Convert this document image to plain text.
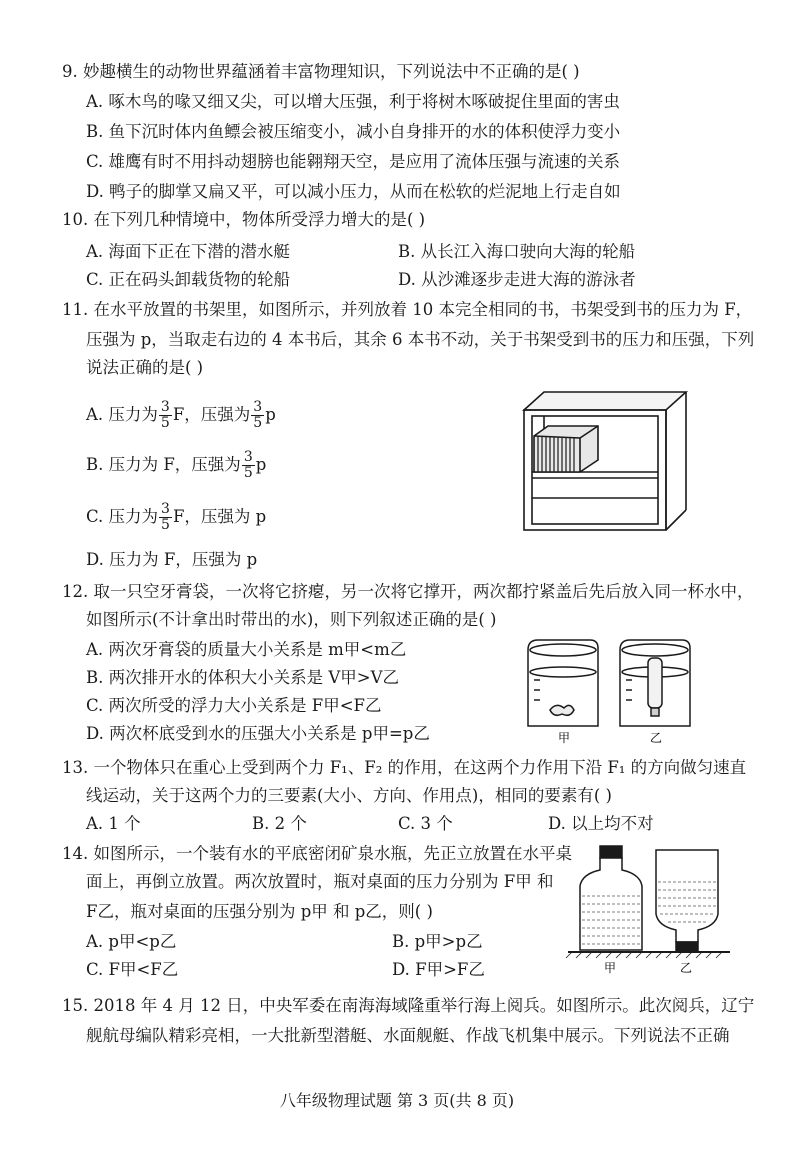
9. 妙趣横生的动物世界蕴涵着丰富物理知识，下列说法中不正确的是( )
A. 啄木鸟的喙又细又尖，可以增大压强，利于将树木啄破捉住里面的害虫
B. 鱼下沉时体内鱼鳔会被压缩变小，减小自身排开的水的体积使浮力变小
C. 雄鹰有时不用抖动翅膀也能翱翔天空，是应用了流体压强与流速的关系
D. 鸭子的脚掌又扁又平，可以减小压力，从而在松软的烂泥地上行走自如
10. 在下列几种情境中，物体所受浮力增大的是( )
A. 海面下正在下潜的潜水艇	B. 从长江入海口驶向大海的轮船
C. 正在码头卸载货物的轮船	D. 从沙滩逐步走进大海的游泳者
11. 在水平放置的书架里，如图所示，并列放着 10 本完全相同的书，书架受到书的压力为 F，
压强为 p，当取走右边的 4 本书后，其余 6 本书不动，关于书架受到书的压力和压强，下列
说法正确的是( )
A. 压力为 $\frac{3}{5}$ F，压强为 $\frac{3}{5}$ p
B. 压力为 F，压强为 $\frac{3}{5}$ p
C. 压力为 $\frac{3}{5}$ F，压强为 p
D. 压力为 F，压强为 p
12. 取一只空牙膏袋，一次将它挤瘪，另一次将它撑开，两次都拧紧盖后先后放入同一杯水中，
如图所示(不计拿出时带出的水)，则下列叙述正确的是( )
A. 两次牙膏袋的质量大小关系是 m甲<m乙
B. 两次排开水的体积大小关系是 V甲>V乙
C. 两次所受的浮力大小关系是 F甲<F乙
D. 两次杯底受到水的压强大小关系是 p甲=p乙	甲	乙
13. 一个物体只在重心上受到两个力 F₁、F₂ 的作用，在这两个力作用下沿 F₁ 的方向做匀速直
线运动，关于这两个力的三要素(大小、方向、作用点)，相同的要素有( )
A. 1 个	B. 2 个	C. 3 个	D. 以上均不对
14. 如图所示，一个装有水的平底密闭矿泉水瓶，先正立放置在水平桌
面上，再倒立放置。两次放置时，瓶对桌面的压力分别为 F甲 和
F乙，瓶对桌面的压强分别为 p甲 和 p乙，则( )
A. p甲<p乙	B. p甲>p乙
C. F甲<F乙	D. F甲>F乙	甲	乙
15. 2018 年 4 月 12 日，中央军委在南海海域隆重举行海上阅兵。如图所示。此次阅兵，辽宁
舰航母编队精彩亮相，一大批新型潜艇、水面舰艇、作战飞机集中展示。下列说法不正确
八年级物理试题 第 3 页(共 8 页)
